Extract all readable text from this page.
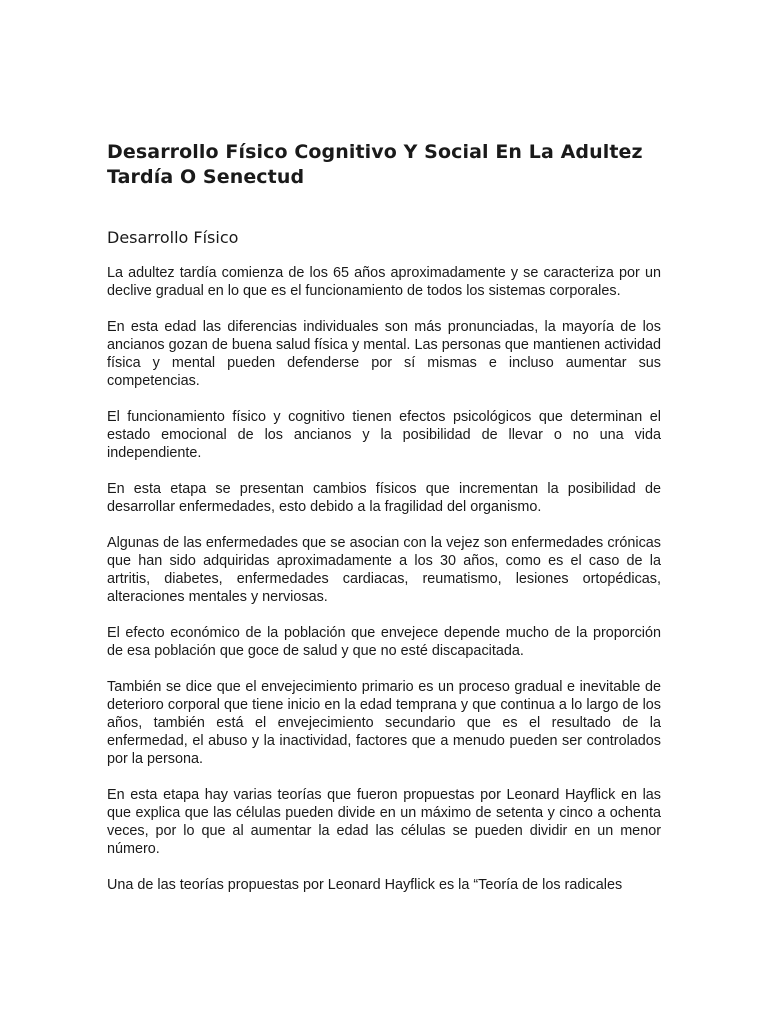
Desarrollo Físico Cognitivo Y Social En La Adultez Tardía O Senectud
Desarrollo Físico

La adultez tardía comienza de los 65 años aproximadamente y se caracteriza por un declive gradual en lo que es el funcionamiento de todos los sistemas corporales.

En esta edad las diferencias individuales son más pronunciadas, la mayoría de los ancianos gozan de buena salud física y mental. Las personas que mantienen actividad física y mental pueden defenderse por sí mismas e incluso aumentar sus competencias.

El funcionamiento físico y cognitivo tienen efectos psicológicos que determinan el estado emocional de los ancianos y la posibilidad de llevar o no una vida independiente.

En esta etapa se presentan cambios físicos que incrementan la posibilidad de desarrollar enfermedades, esto debido a la fragilidad del organismo.

Algunas de las enfermedades que se asocian con la vejez son enfermedades crónicas que han sido adquiridas aproximadamente a los 30 años, como es el caso de la artritis, diabetes, enfermedades cardiacas, reumatismo, lesiones ortopédicas, alteraciones mentales y nerviosas.

El efecto económico de la población que envejece depende mucho de la proporción de esa población que goce de salud y que no esté discapacitada.

También se dice que el envejecimiento primario es un proceso gradual e inevitable de deterioro corporal que tiene inicio en la edad temprana y que continua a lo largo de los años, también está el envejecimiento secundario que es el resultado de la enfermedad, el abuso y la inactividad, factores que a menudo pueden ser controlados por la persona.

En esta etapa hay varias teorías que fueron propuestas por Leonard Hayflick en las que explica que las células pueden divide en un máximo de setenta y cinco a ochenta veces, por lo que al aumentar la edad las células se pueden dividir en un menor número.

Una de las teorías propuestas por Leonard Hayflick es la “Teoría de los radicales
